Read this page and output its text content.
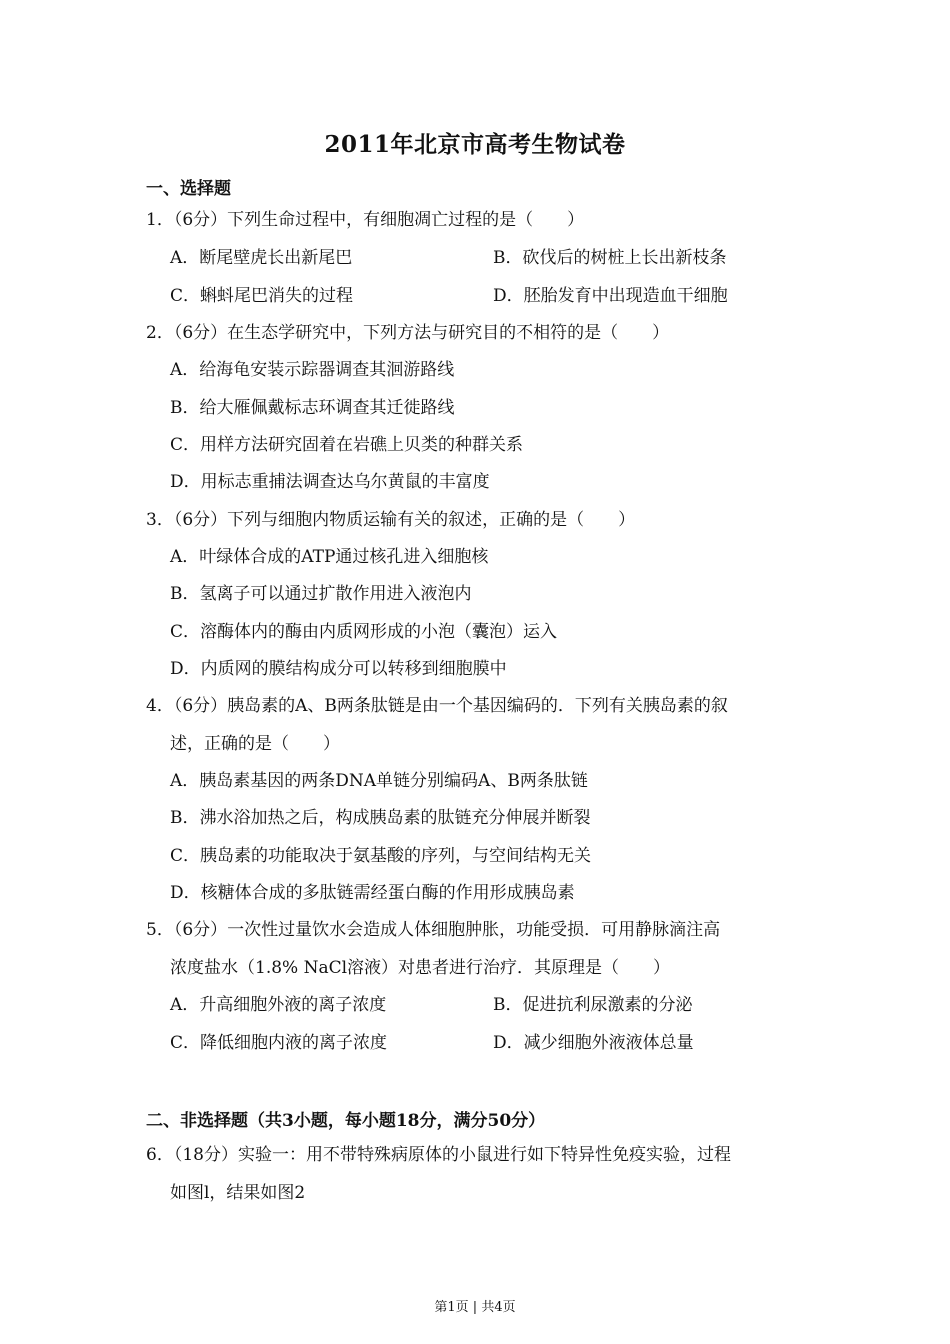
2011年北京市高考生物试卷
一、选择题
1．（6分）下列生命过程中，有细胞凋亡过程的是（　　）
A．断尾壁虎长出新尾巴	B．砍伐后的树桩上长出新枝条
C．蝌蚪尾巴消失的过程	D．胚胎发育中出现造血干细胞
2．（6分）在生态学研究中，下列方法与研究目的不相符的是（　　）
A．给海龟安装示踪器调查其洄游路线
B．给大雁佩戴标志环调查其迁徙路线
C．用样方法研究固着在岩礁上贝类的种群关系
D．用标志重捕法调查达乌尔黄鼠的丰富度
3．（6分）下列与细胞内物质运输有关的叙述，正确的是（　　）
A．叶绿体合成的ATP通过核孔进入细胞核
B．氢离子可以通过扩散作用进入液泡内
C．溶酶体内的酶由内质网形成的小泡（囊泡）运入
D．内质网的膜结构成分可以转移到细胞膜中
4．（6分）胰岛素的A、B两条肽链是由一个基因编码的．下列有关胰岛素的叙
述，正确的是（　　）
A．胰岛素基因的两条DNA单链分别编码A、B两条肽链
B．沸水浴加热之后，构成胰岛素的肽链充分伸展并断裂
C．胰岛素的功能取决于氨基酸的序列，与空间结构无关
D．核糖体合成的多肽链需经蛋白酶的作用形成胰岛素
5．（6分）一次性过量饮水会造成人体细胞肿胀，功能受损．可用静脉滴注高
浓度盐水（1.8% NaCl溶液）对患者进行治疗．其原理是（　　）
A．升高细胞外液的离子浓度	B．促进抗利尿激素的分泌
C．降低细胞内液的离子浓度	D．减少细胞外液液体总量
二、非选择题（共3小题，每小题18分，满分50分）
6．（18分）实验一：用不带特殊病原体的小鼠进行如下特异性免疫实验，过程
如图l，结果如图2
第1页 | 共4页
